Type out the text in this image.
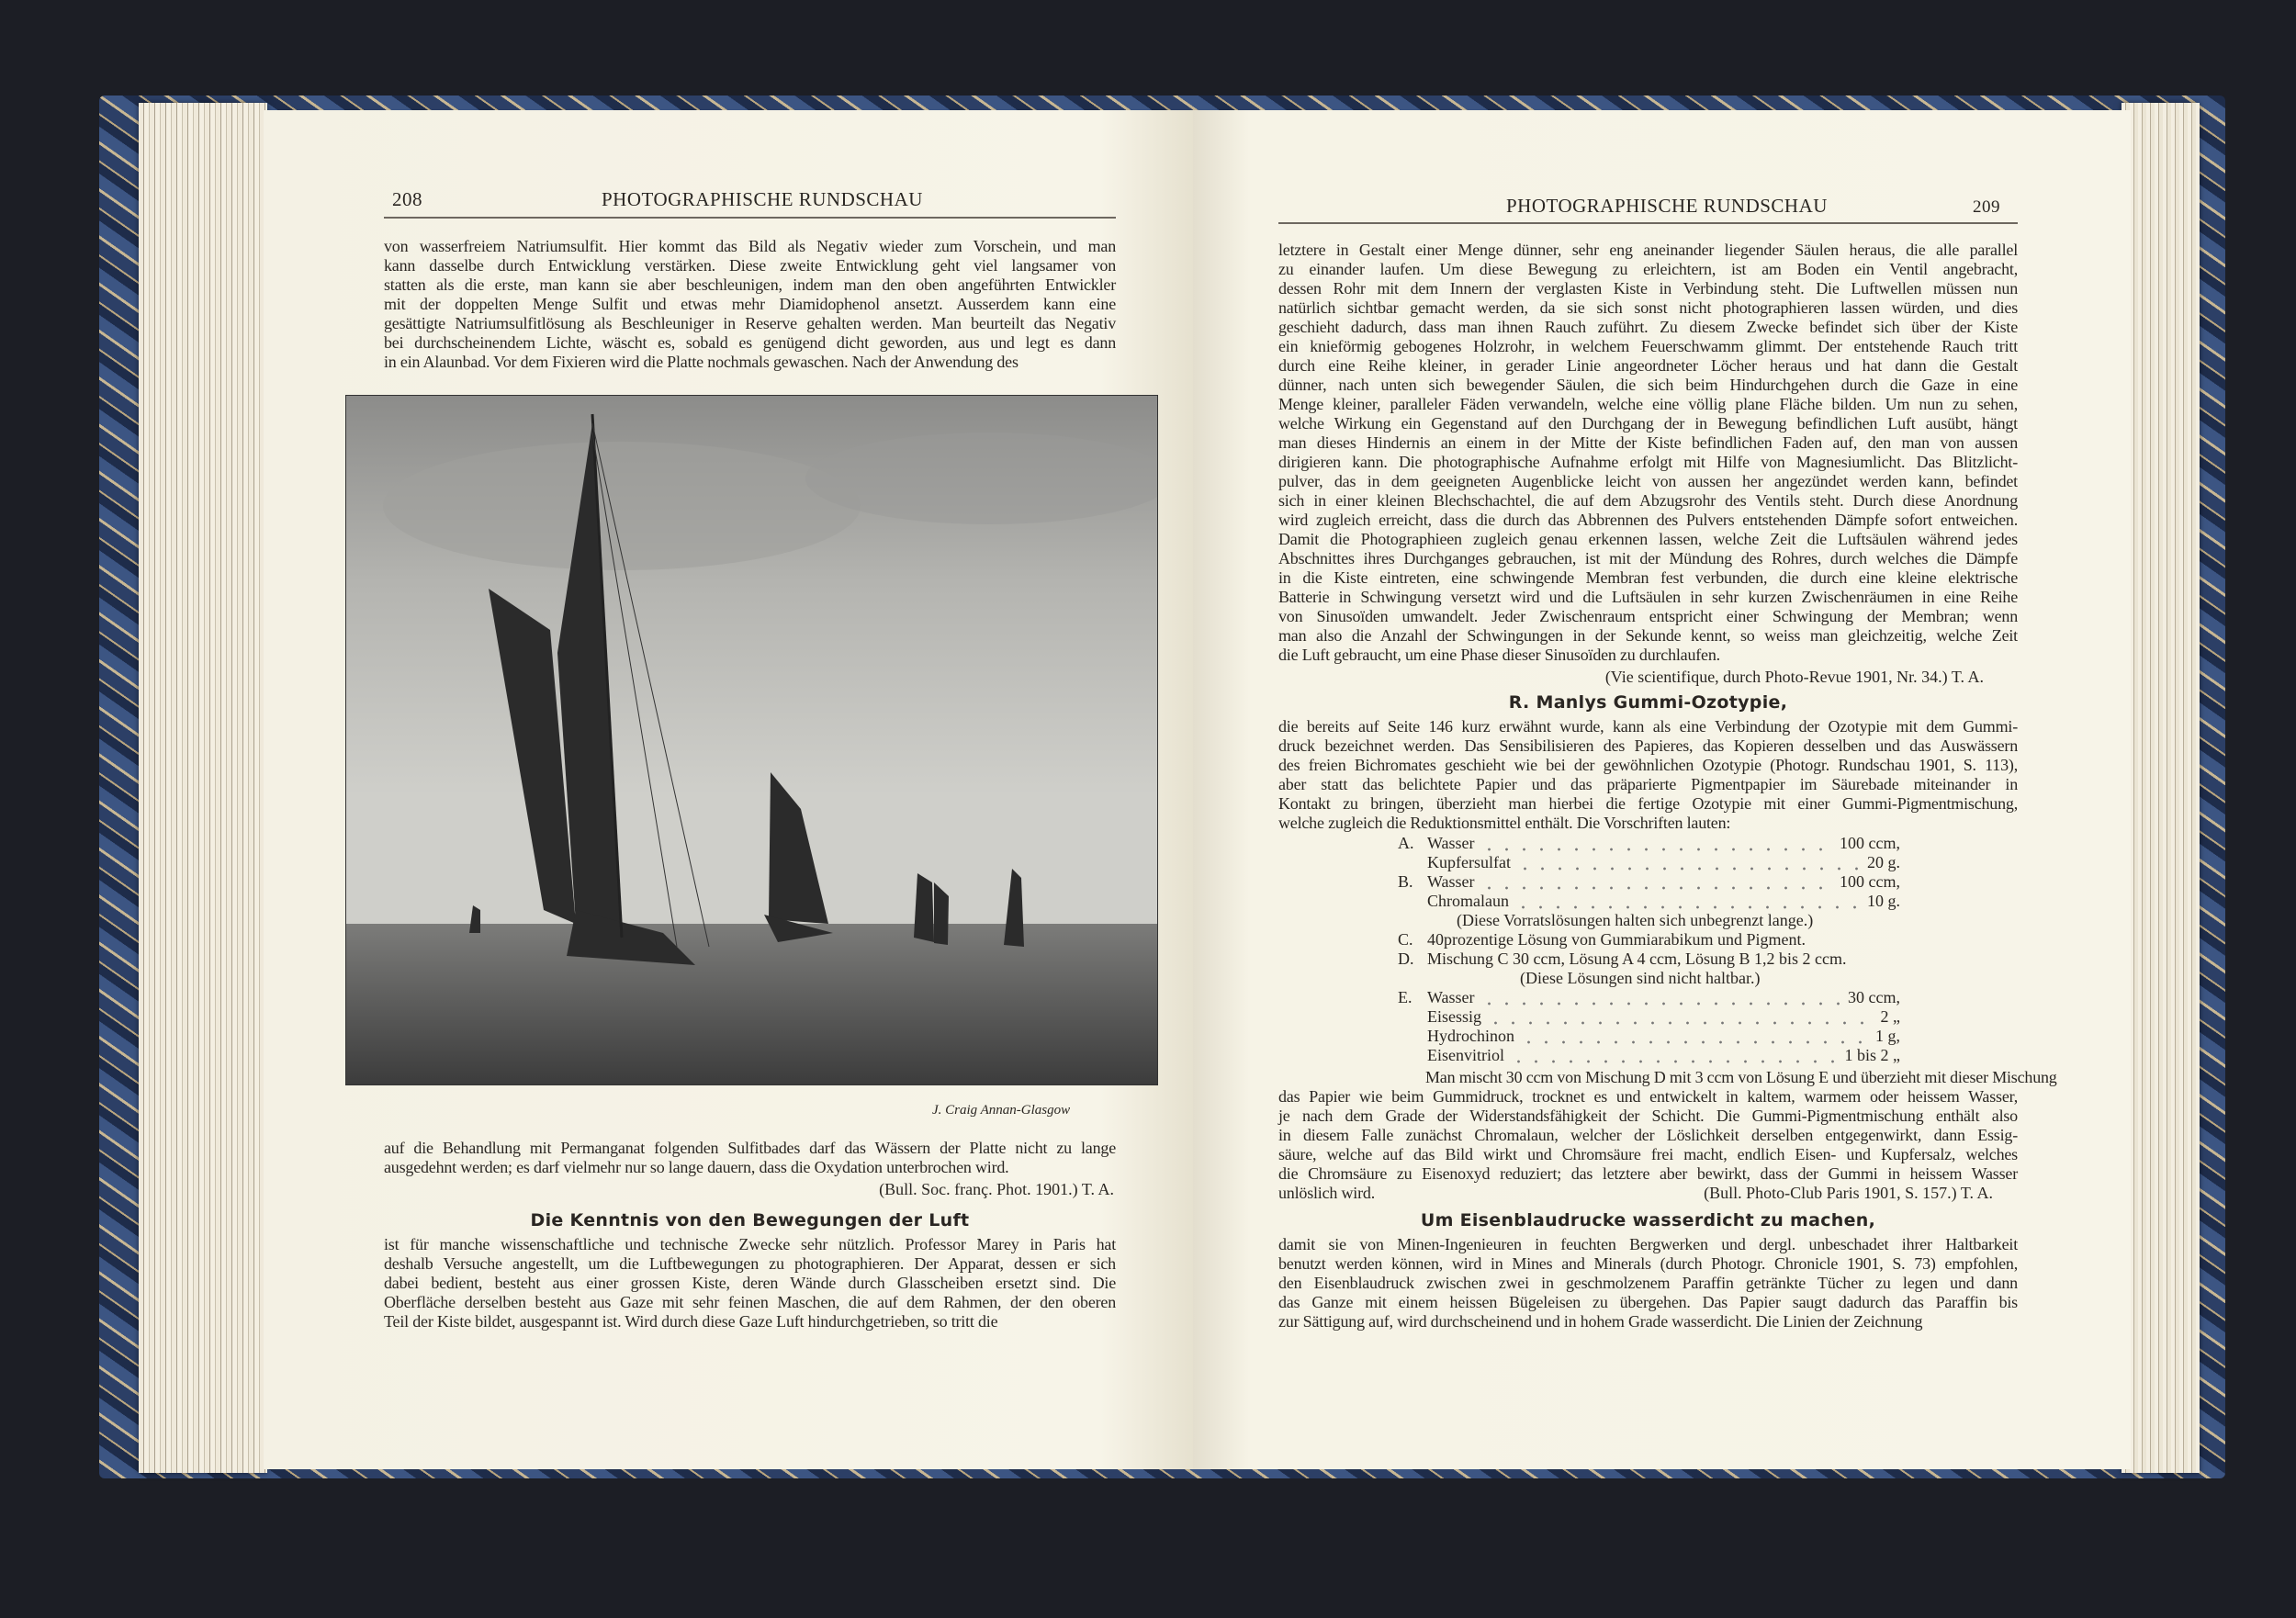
208	PHOTOGRAPHISCHE RUNDSCHAU
von wasserfreiem Natriumsulfit. Hier kommt das Bild als Negativ wieder zum Vorschein, und man
kann dasselbe durch Entwicklung verstärken. Diese zweite Entwicklung geht viel langsamer von
statten als die erste, man kann sie aber beschleunigen, indem man den oben angeführten Entwickler
mit der doppelten Menge Sulfit und etwas mehr Diamidophenol ansetzt. Ausserdem kann eine
gesättigte Natriumsulfitlösung als Beschleuniger in Reserve gehalten werden. Man beurteilt das Negativ
bei durchscheinendem Lichte, wäscht es, sobald es genügend dicht geworden, aus und legt es dann
in ein Alaunbad. Vor dem Fixieren wird die Platte nochmals gewaschen. Nach der Anwendung des
J. Craig Annan-Glasgow
auf die Behandlung mit Permanganat folgenden Sulfitbades darf das Wässern der Platte nicht zu lange
ausgedehnt werden; es darf vielmehr nur so lange dauern, dass die Oxydation unterbrochen wird.
(Bull. Soc. franç. Phot. 1901.) T. A.
Die Kenntnis von den Bewegungen der Luft
ist für manche wissenschaftliche und technische Zwecke sehr nützlich. Professor Marey in Paris hat
deshalb Versuche angestellt, um die Luftbewegungen zu photographieren. Der Apparat, dessen er sich
dabei bedient, besteht aus einer grossen Kiste, deren Wände durch Glasscheiben ersetzt sind. Die
Oberfläche derselben besteht aus Gaze mit sehr feinen Maschen, die auf dem Rahmen, der den oberen
Teil der Kiste bildet, ausgespannt ist. Wird durch diese Gaze Luft hindurchgetrieben, so tritt die
PHOTOGRAPHISCHE RUNDSCHAU	209
letztere in Gestalt einer Menge dünner, sehr eng aneinander liegender Säulen heraus, die alle parallel
zu einander laufen. Um diese Bewegung zu erleichtern, ist am Boden ein Ventil angebracht,
dessen Rohr mit dem Innern der verglasten Kiste in Verbindung steht. Die Luftwellen müssen nun
natürlich sichtbar gemacht werden, da sie sich sonst nicht photographieren lassen würden, und dies
geschieht dadurch, dass man ihnen Rauch zuführt. Zu diesem Zwecke befindet sich über der Kiste
ein knieförmig gebogenes Holzrohr, in welchem Feuerschwamm glimmt. Der entstehende Rauch tritt
durch eine Reihe kleiner, in gerader Linie angeordneter Löcher heraus und hat dann die Gestalt
dünner, nach unten sich bewegender Säulen, die sich beim Hindurchgehen durch die Gaze in eine
Menge kleiner, paralleler Fäden verwandeln, welche eine völlig plane Fläche bilden. Um nun zu sehen,
welche Wirkung ein Gegenstand auf den Durchgang der in Bewegung befindlichen Luft ausübt, hängt
man dieses Hindernis an einem in der Mitte der Kiste befindlichen Faden auf, den man von aussen
dirigieren kann. Die photographische Aufnahme erfolgt mit Hilfe von Magnesiumlicht. Das Blitzlicht-
pulver, das in dem geeigneten Augenblicke leicht von aussen her angezündet werden kann, befindet
sich in einer kleinen Blechschachtel, die auf dem Abzugsrohr des Ventils steht. Durch diese Anordnung
wird zugleich erreicht, dass die durch das Abbrennen des Pulvers entstehenden Dämpfe sofort entweichen.
Damit die Photographieen zugleich genau erkennen lassen, welche Zeit die Luftsäulen während jedes
Abschnittes ihres Durchganges gebrauchen, ist mit der Mündung des Rohres, durch welches die Dämpfe
in die Kiste eintreten, eine schwingende Membran fest verbunden, die durch eine kleine elektrische
Batterie in Schwingung versetzt wird und die Luftsäulen in sehr kurzen Zwischenräumen in eine Reihe
von Sinusoïden umwandelt. Jeder Zwischenraum entspricht einer Schwingung der Membran; wenn
man also die Anzahl der Schwingungen in der Sekunde kennt, so weiss man gleichzeitig, welche Zeit
die Luft gebraucht, um eine Phase dieser Sinusoïden zu durchlaufen.
(Vie scientifique, durch Photo-Revue 1901, Nr. 34.) T. A.
R. Manlys Gummi-Ozotypie,
die bereits auf Seite 146 kurz erwähnt wurde, kann als eine Verbindung der Ozotypie mit dem Gummi-
druck bezeichnet werden. Das Sensibilisieren des Papieres, das Kopieren desselben und das Auswässern
des freien Bichromates geschieht wie bei der gewöhnlichen Ozotypie (Photogr. Rundschau 1901, S. 113),
aber statt das belichtete Papier und das präparierte Pigmentpapier im Säurebade miteinander in
Kontakt zu bringen, überzieht man hierbei die fertige Ozotypie mit einer Gummi-Pigmentmischung,
welche zugleich die Reduktionsmittel enthält. Die Vorschriften lauten:
A. Wasser	100 ccm,
Kupfersulfat	20 g.
B. Wasser	100 ccm,
Chromalaun	10 g.
(Diese Vorratslösungen halten sich unbegrenzt lange.)
C. 40prozentige Lösung von Gummiarabikum und Pigment.
D. Mischung C 30 ccm, Lösung A 4 ccm, Lösung B 1,2 bis 2 ccm.
(Diese Lösungen sind nicht haltbar.)
E. Wasser	30 ccm,
Eisessig	2 „
Hydrochinon	1 g,
Eisenvitriol	1 bis 2 „
Man mischt 30 ccm von Mischung D mit 3 ccm von Lösung E und überzieht mit dieser Mischung
das Papier wie beim Gummidruck, trocknet es und entwickelt in kaltem, warmem oder heissem Wasser,
je nach dem Grade der Widerstandsfähigkeit der Schicht. Die Gummi-Pigmentmischung enthält also
in diesem Falle zunächst Chromalaun, welcher der Löslichkeit derselben entgegenwirkt, dann Essig-
säure, welche auf das Bild wirkt und Chromsäure frei macht, endlich Eisen- und Kupfersalz, welches
die Chromsäure zu Eisenoxyd reduziert; das letztere aber bewirkt, dass der Gummi in heissem Wasser
unlöslich wird.	(Bull. Photo-Club Paris 1901, S. 157.) T. A.
Um Eisenblaudrucke wasserdicht zu machen,
damit sie von Minen-Ingenieuren in feuchten Bergwerken und dergl. unbeschadet ihrer Haltbarkeit
benutzt werden können, wird in Mines and Minerals (durch Photogr. Chronicle 1901, S. 73) empfohlen,
den Eisenblaudruck zwischen zwei in geschmolzenem Paraffin getränkte Tücher zu legen und dann
das Ganze mit einem heissen Bügeleisen zu übergehen. Das Papier saugt dadurch das Paraffin bis
zur Sättigung auf, wird durchscheinend und in hohem Grade wasserdicht. Die Linien der Zeichnung
